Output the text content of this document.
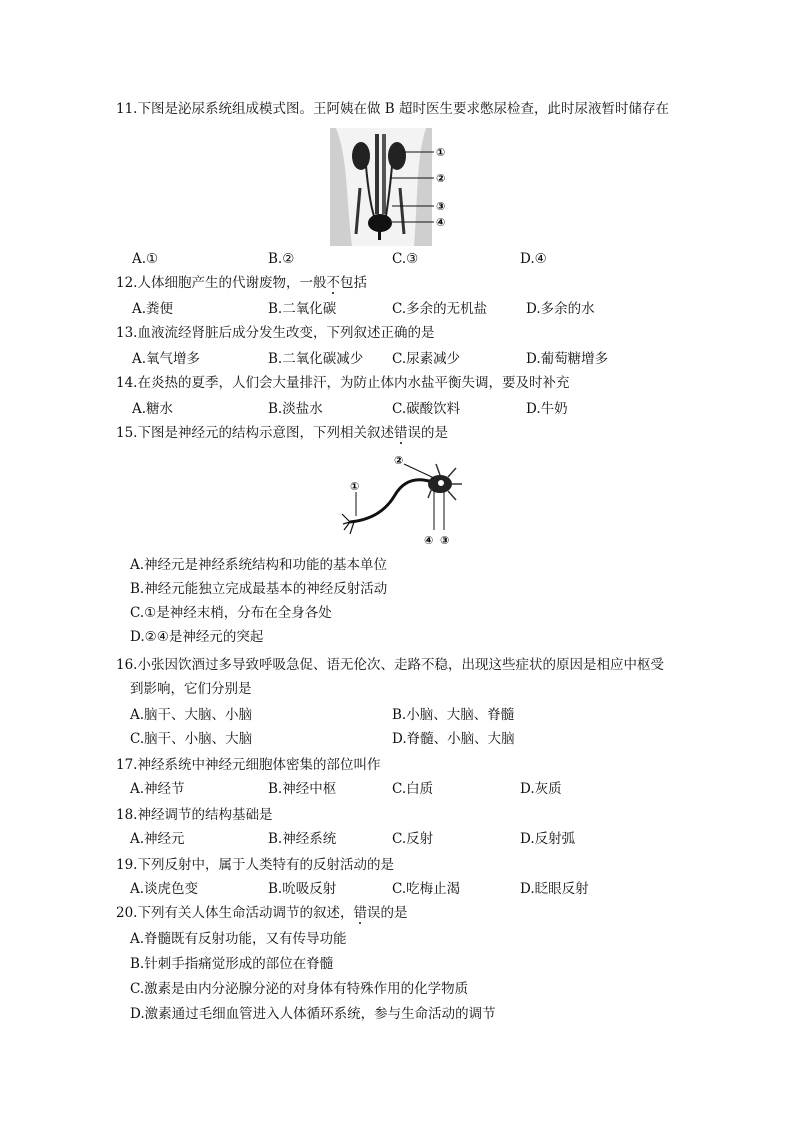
11.下图是泌尿系统组成模式图。王阿姨在做 B 超时医生要求憋尿检查，此时尿液暂时储存在
①
②
③
④
A.①	B.②	C.③	D.④
12.人体细胞产生的代谢废物，一般不包括
A.粪便	B.二氧化碳	C.多余的无机盐	D.多余的水
13.血液流经肾脏后成分发生改变，下列叙述正确的是
A.氧气增多	B.二氧化碳减少 C.尿素减少	D.葡萄糖增多
14.在炎热的夏季，人们会大量排汗，为防止体内水盐平衡失调，要及时补充
A.糖水	B.淡盐水	C.碳酸饮料	D.牛奶
15.下图是神经元的结构示意图，下列相关叙述错误的是
②
①
④ ③
A.神经元是神经系统结构和功能的基本单位
B.神经元能独立完成最基本的神经反射活动
C.①是神经末梢，分布在全身各处
D.②④是神经元的突起
16.小张因饮酒过多导致呼吸急促、语无伦次、走路不稳，出现这些症状的原因是相应中枢受
到影响，它们分别是
A.脑干、大脑、小脑	B.小脑、大脑、脊髓
C.脑干、小脑、大脑	D.脊髓、小脑、大脑
17.神经系统中神经元细胞体密集的部位叫作
A.神经节	B.神经中枢	C.白质	D.灰质
18.神经调节的结构基础是
A.神经元	B.神经系统	C.反射	D.反射弧
19.下列反射中，属于人类特有的反射活动的是
A.谈虎色变	B.吮吸反射	C.吃梅止渴	D.眨眼反射
20.下列有关人体生命活动调节的叙述，错误的是
A.脊髓既有反射功能，又有传导功能
B.针刺手指痛觉形成的部位在脊髓
C.激素是由内分泌腺分泌的对身体有特殊作用的化学物质
D.激素通过毛细血管进入人体循环系统，参与生命活动的调节
